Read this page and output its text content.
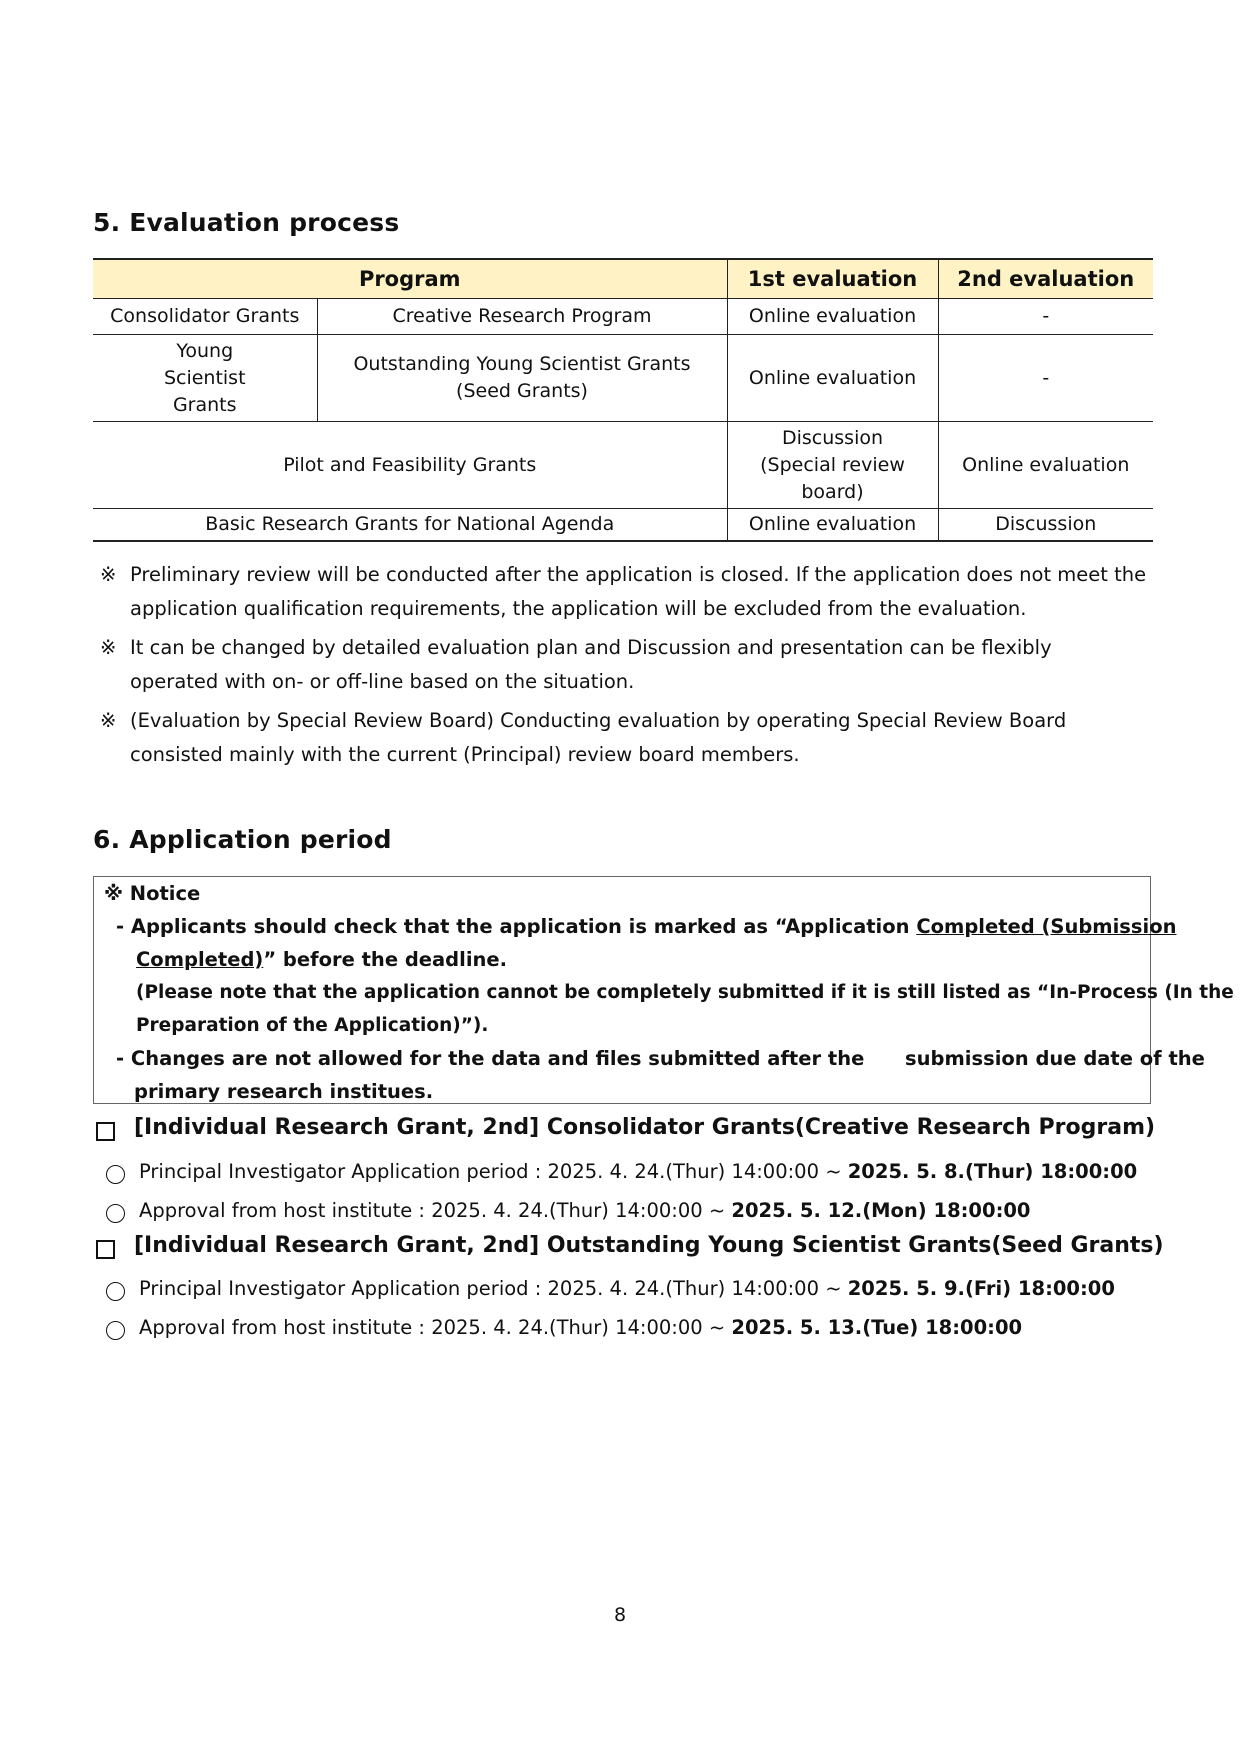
5. Evaluation process
Program		1st evaluation	2nd evaluation
Consolidator Grants	Creative Research Program	Online evaluation	-
Young Scientist Grants	Outstanding Young Scientist Grants (Seed Grants)	Online evaluation	-
Pilot and Feasibility Grants		Discussion (Special review board)	Online evaluation
Basic Research Grants for National Agenda		Online evaluation	Discussion
※ Preliminary review will be conducted after the application is closed. If the application does not meet the
application qualification requirements, the application will be excluded from the evaluation.
※ It can be changed by detailed evaluation plan and Discussion and presentation can be flexibly
operated with on- or off-line based on the situation.
※ (Evaluation by Special Review Board) Conducting evaluation by operating Special Review Board
consisted mainly with the current (Principal) review board members.
6. Application period
※ Notice
- Applicants should check that the application is marked as “Application Completed (Submission
Completed)” before the deadline.
(Please note that the application cannot be completely submitted if it is still listed as “In-Process (In the
Preparation of the Application)”).
- Changes are not allowed for the data and files submitted after the      submission due date of the
primary research institues.
[Individual Research Grant, 2nd] Consolidator Grants(Creative Research Program)
Principal Investigator Application period : 2025. 4. 24.(Thur) 14:00:00 ~ 2025. 5. 8.(Thur) 18:00:00
Approval from host institute : 2025. 4. 24.(Thur) 14:00:00 ~ 2025. 5. 12.(Mon) 18:00:00
[Individual Research Grant, 2nd] Outstanding Young Scientist Grants(Seed Grants)
Principal Investigator Application period : 2025. 4. 24.(Thur) 14:00:00 ~ 2025. 5. 9.(Fri) 18:00:00
Approval from host institute : 2025. 4. 24.(Thur) 14:00:00 ~ 2025. 5. 13.(Tue) 18:00:00
8
